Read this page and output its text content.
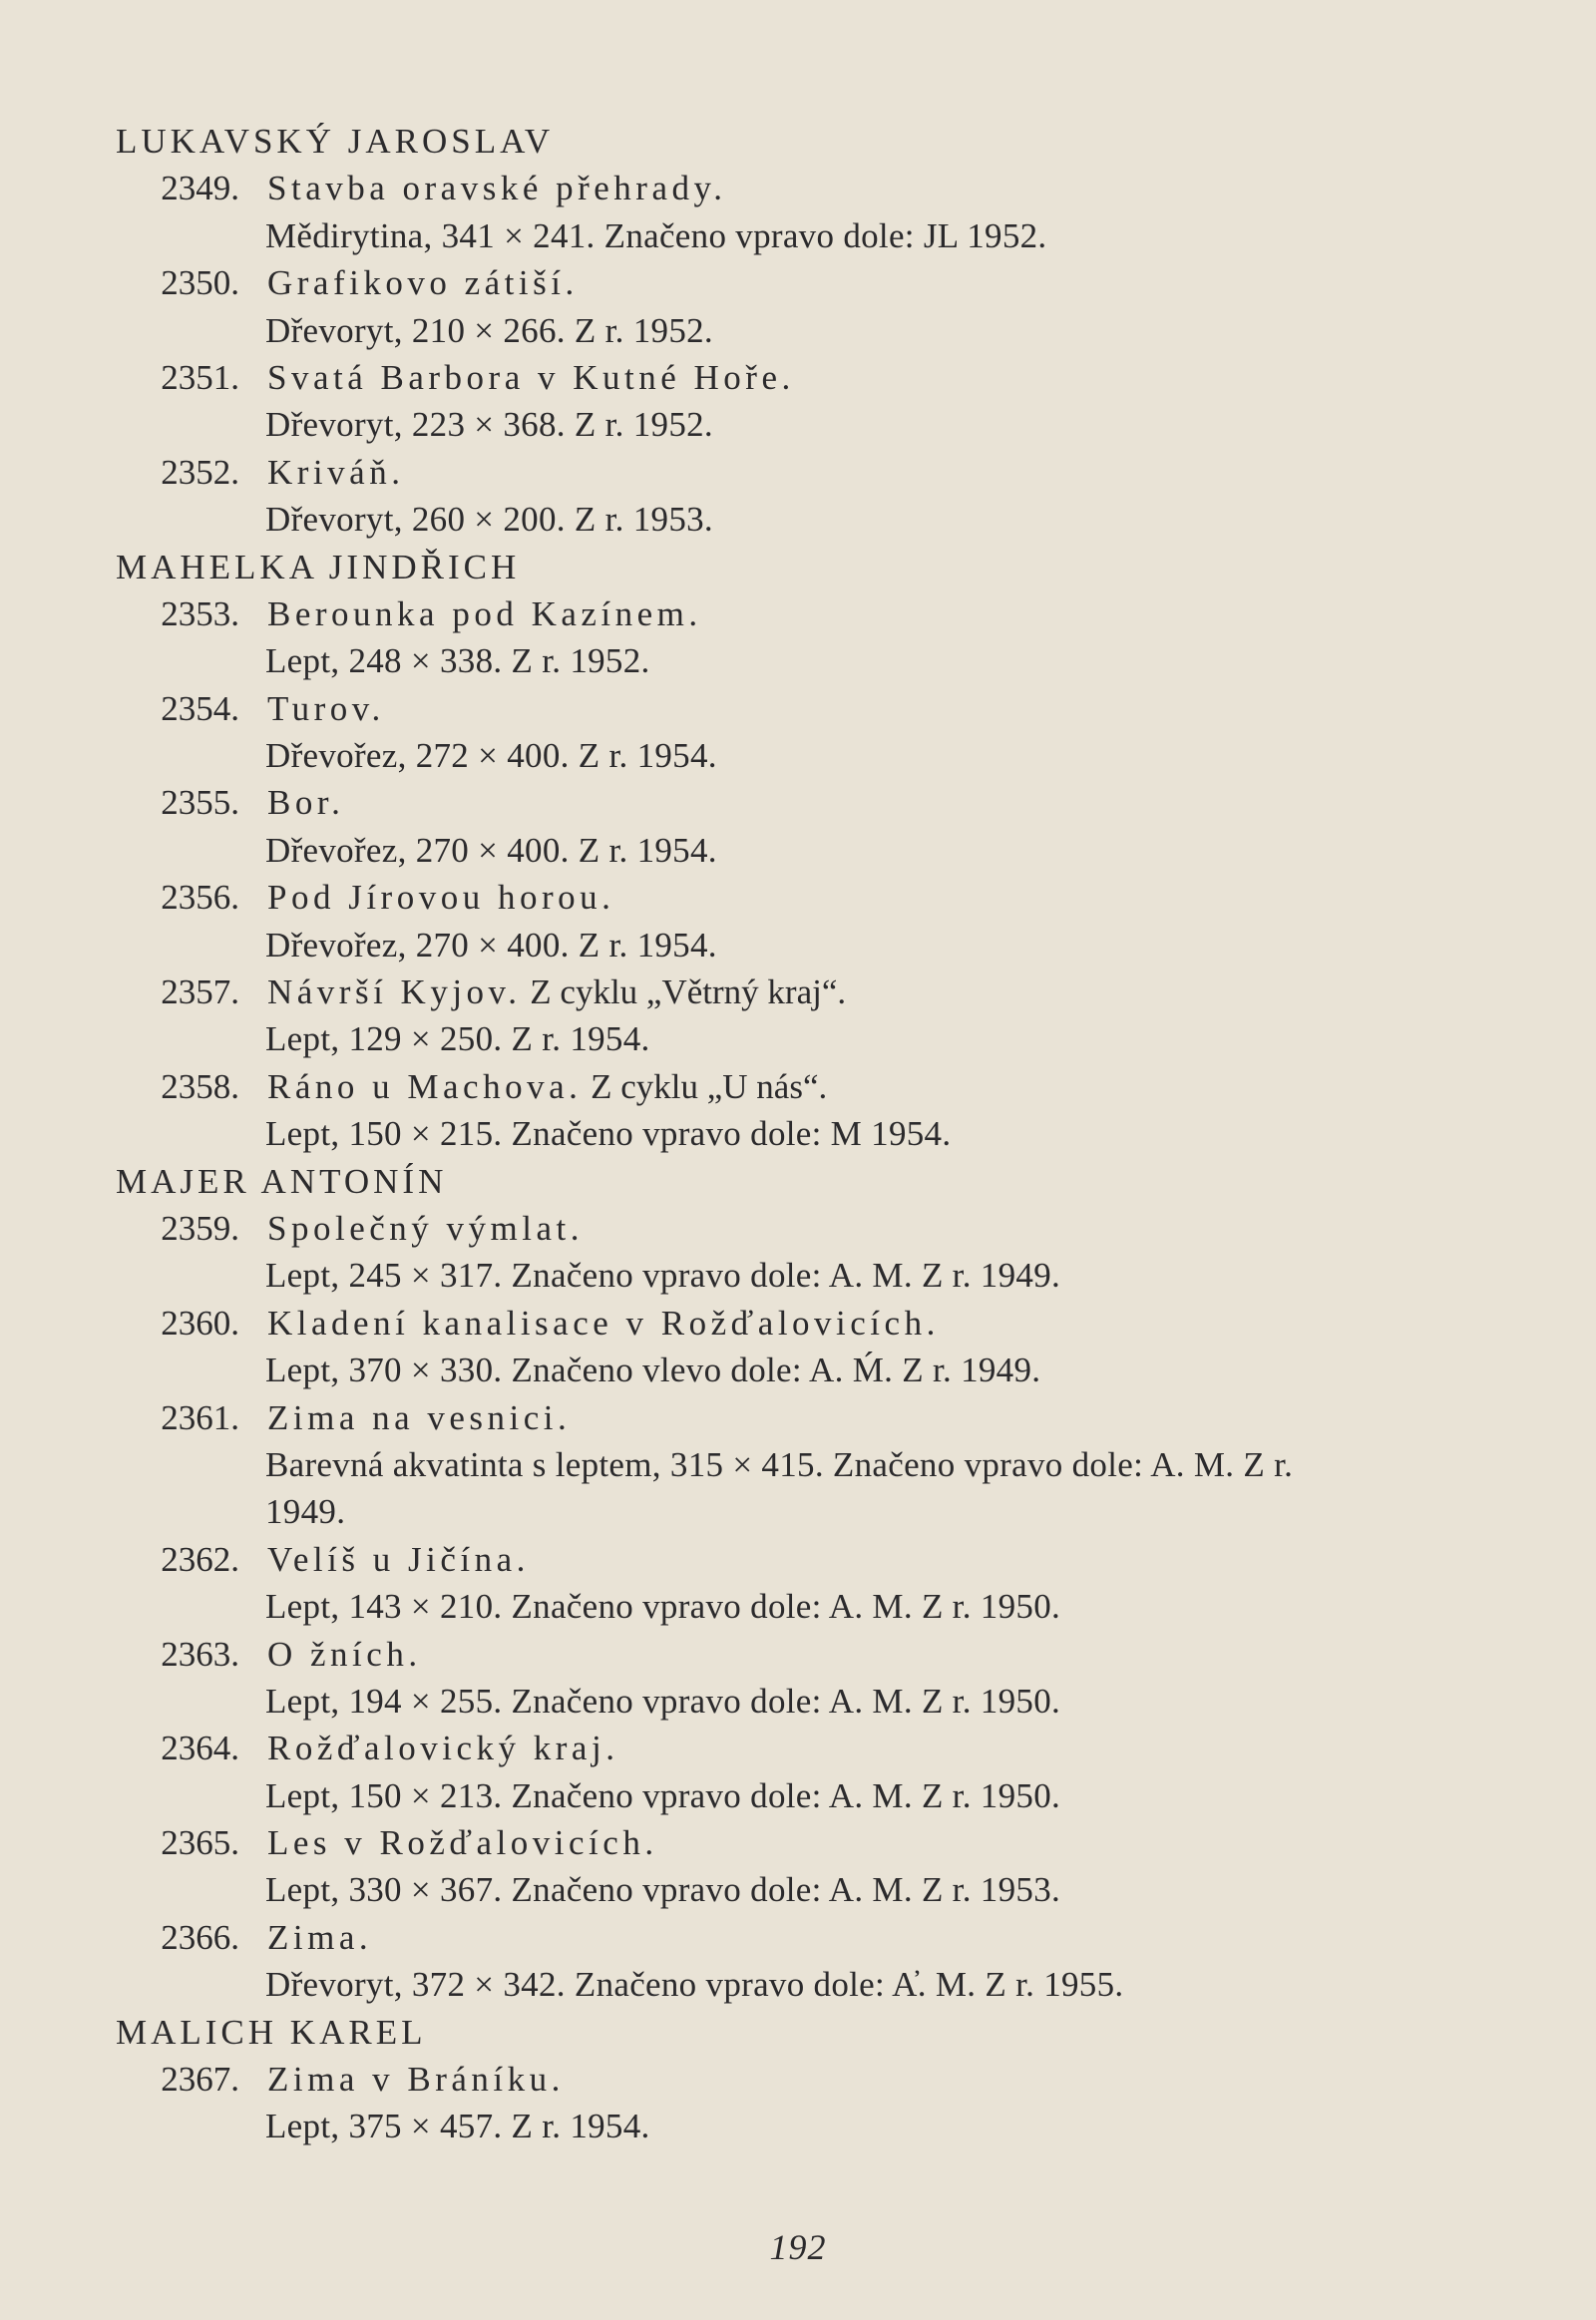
LUKAVSKÝ JAROSLAV
2349. Stavba oravské přehrady.
Mědirytina, 341 × 241. Značeno vpravo dole: JL 1952.
2350. Grafikovo zátiší.
Dřevoryt, 210 × 266. Z r. 1952.
2351. Svatá Barbora v Kutné Hoře.
Dřevoryt, 223 × 368. Z r. 1952.
2352. Kriváň.
Dřevoryt, 260 × 200. Z r. 1953.
MAHELKA JINDŘICH
2353. Berounka pod Kazínem.
Lept, 248 × 338. Z r. 1952.
2354. Turov.
Dřevořez, 272 × 400. Z r. 1954.
2355. Bor.
Dřevořez, 270 × 400. Z r. 1954.
2356. Pod Jírovou horou.
Dřevořez, 270 × 400. Z r. 1954.
2357. Návrší Kyjov. Z cyklu „Větrný kraj“.
Lept, 129 × 250. Z r. 1954.
2358. Ráno u Machova. Z cyklu „U nás“.
Lept, 150 × 215. Značeno vpravo dole: M 1954.
MAJER ANTONÍN
2359. Společný výmlat.
Lept, 245 × 317. Značeno vpravo dole: A. M. Z r. 1949.
2360. Kladení kanalisace v Rožďalovicích.
Lept, 370 × 330. Značeno vlevo dole: A. Ḿ. Z r. 1949.
2361. Zima na vesnici.
Barevná akvatinta s leptem, 315 × 415. Značeno vpravo dole: A. M. Z r.
1949.
2362. Velíš u Jičína.
Lept, 143 × 210. Značeno vpravo dole: A. M. Z r. 1950.
2363. O žních.
Lept, 194 × 255. Značeno vpravo dole: A. M. Z r. 1950.
2364. Rožďalovický kraj.
Lept, 150 × 213. Značeno vpravo dole: A. M. Z r. 1950.
2365. Les v Rožďalovicích.
Lept, 330 × 367. Značeno vpravo dole: A. M. Z r. 1953.
2366. Zima.
Dřevoryt, 372 × 342. Značeno vpravo dole: A̓. M. Z r. 1955.
MALICH KAREL
2367. Zima v Bráníku.
Lept, 375 × 457. Z r. 1954.
192
